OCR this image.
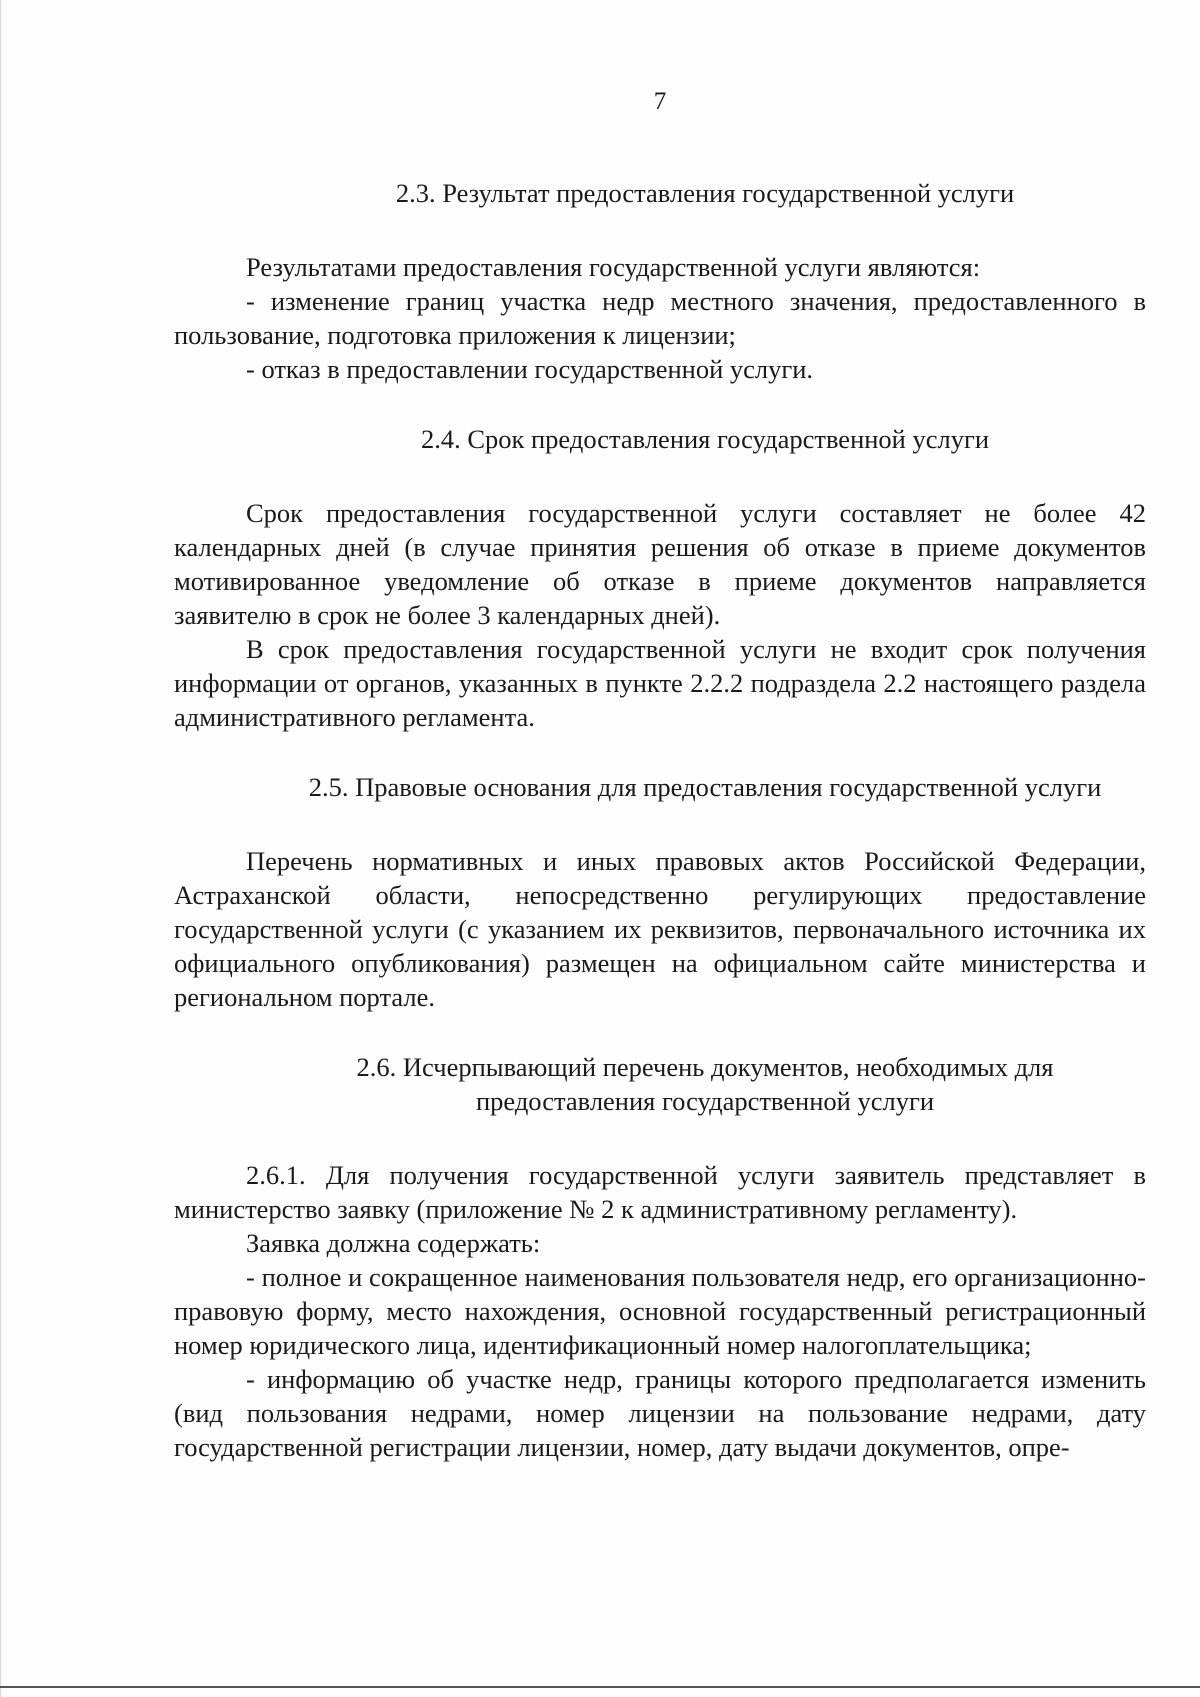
7
2.3. Результат предоставления государственной услуги

Результатами предоставления государственной услуги являются:

- изменение границ участка недр местного значения, предоставленного в пользование, подготовка приложения к лицензии;

- отказ в предоставлении государственной услуги.

2.4. Срок предоставления государственной услуги

Срок предоставления государственной услуги составляет не более 42 календарных дней (в случае принятия решения об отказе в приеме документов мотивированное уведомление об отказе в приеме документов направляется заявителю в срок не более 3 календарных дней).

В срок предоставления государственной услуги не входит срок получения информации от органов, указанных в пункте 2.2.2 подраздела 2.2 настоящего раздела административного регламента.

2.5. Правовые основания для предоставления государственной услуги

Перечень нормативных и иных правовых актов Российской Федерации, Астраханской области, непосредственно регулирующих предоставление государственной услуги (с указанием их реквизитов, первоначального источника их официального опубликования) размещен на официальном сайте министерства и региональном портале.

2.6. Исчерпывающий перечень документов, необходимых для предоставления государственной услуги

2.6.1. Для получения государственной услуги заявитель представляет в министерство заявку (приложение № 2 к административному регламенту).

Заявка должна содержать:

- полное и сокращенное наименования пользователя недр, его организационно-правовую форму, место нахождения, основной государственный регистрационный номер юридического лица, идентификационный номер налогоплательщика;

- информацию об участке недр, границы которого предполагается изменить (вид пользования недрами, номер лицензии на пользование недрами, дату государственной регистрации лицензии, номер, дату выдачи документов, опре-
